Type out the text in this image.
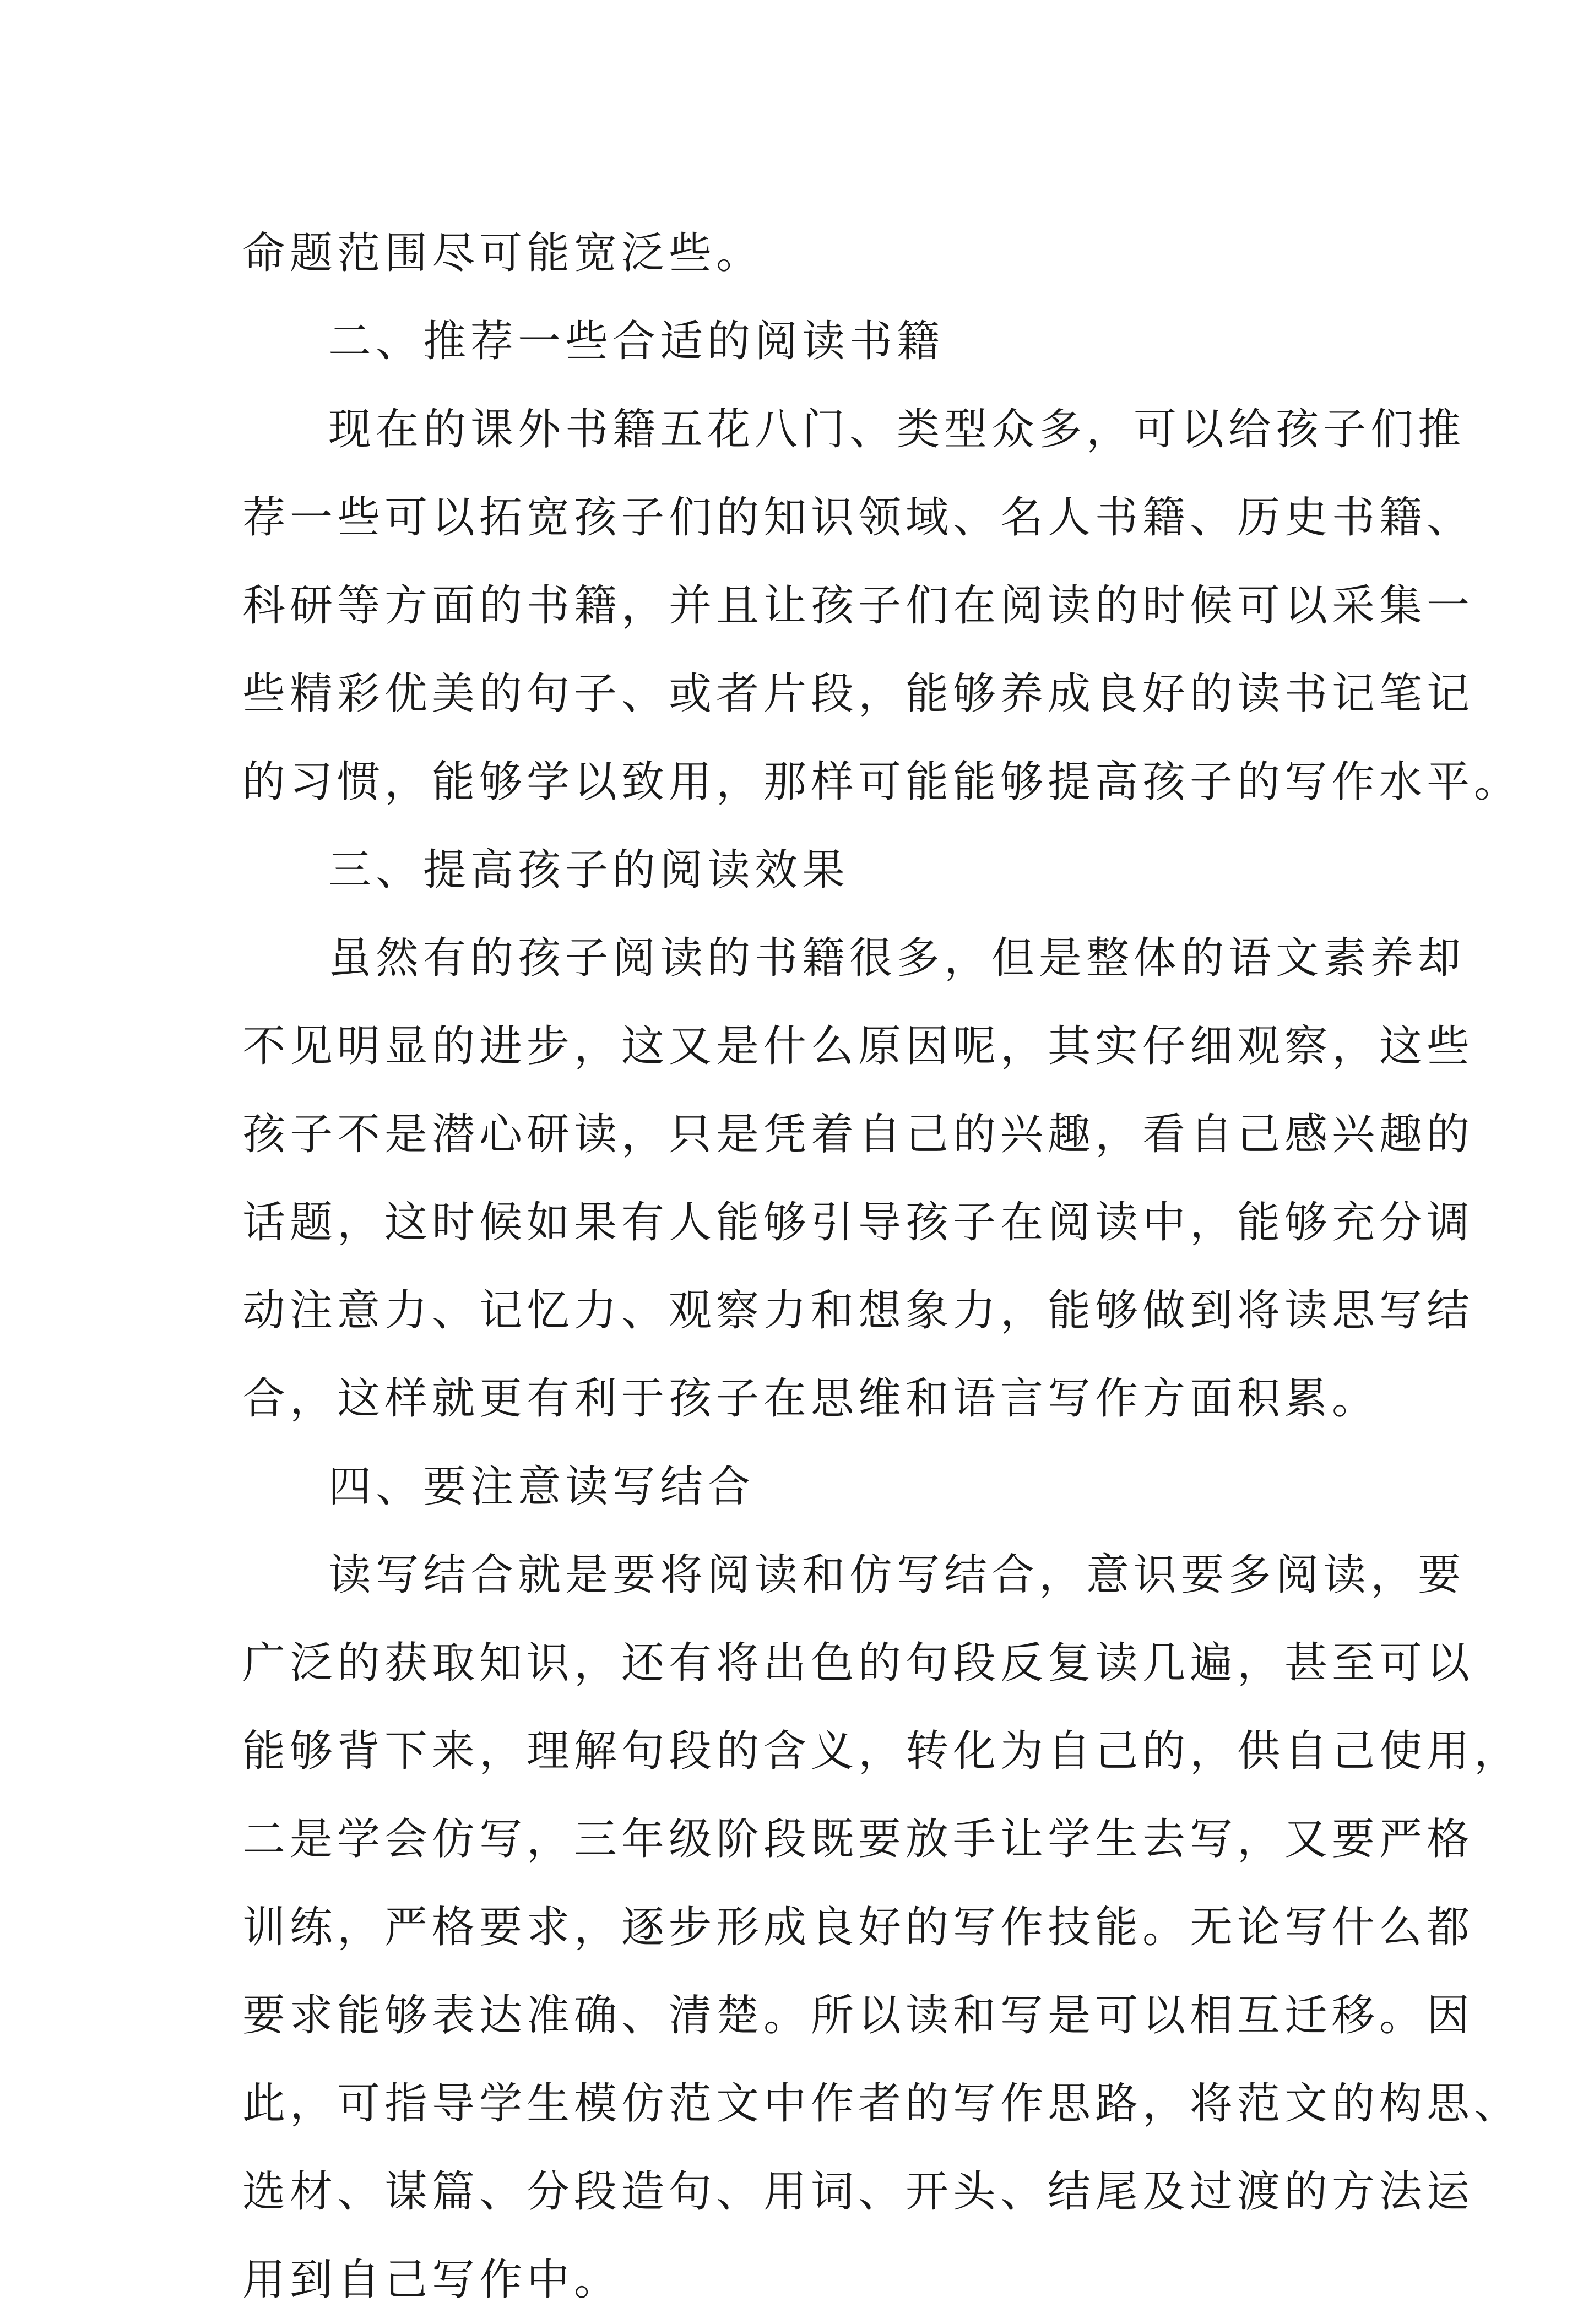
命题范围尽可能宽泛些。

二、推荐一些合适的阅读书籍

现在的课外书籍五花八门、类型众多，可以给孩子们推

荐一些可以拓宽孩子们的知识领域、名人书籍、历史书籍、

科研等方面的书籍，并且让孩子们在阅读的时候可以采集一

些精彩优美的句子、或者片段，能够养成良好的读书记笔记

的习惯，能够学以致用，那样可能能够提高孩子的写作水平。

三、提高孩子的阅读效果

虽然有的孩子阅读的书籍很多，但是整体的语文素养却

不见明显的进步，这又是什么原因呢，其实仔细观察，这些

孩子不是潜心研读，只是凭着自己的兴趣，看自己感兴趣的

话题，这时候如果有人能够引导孩子在阅读中，能够充分调

动注意力、记忆力、观察力和想象力，能够做到将读思写结

合，这样就更有利于孩子在思维和语言写作方面积累。

四、要注意读写结合

读写结合就是要将阅读和仿写结合，意识要多阅读，要

广泛的获取知识，还有将出色的句段反复读几遍，甚至可以

能够背下来，理解句段的含义，转化为自己的，供自己使用，

二是学会仿写，三年级阶段既要放手让学生去写，又要严格

训练，严格要求，逐步形成良好的写作技能。无论写什么都

要求能够表达准确、清楚。所以读和写是可以相互迁移。因

此，可指导学生模仿范文中作者的写作思路，将范文的构思、

选材、谋篇、分段造句、用词、开头、结尾及过渡的方法运

用到自己写作中。
